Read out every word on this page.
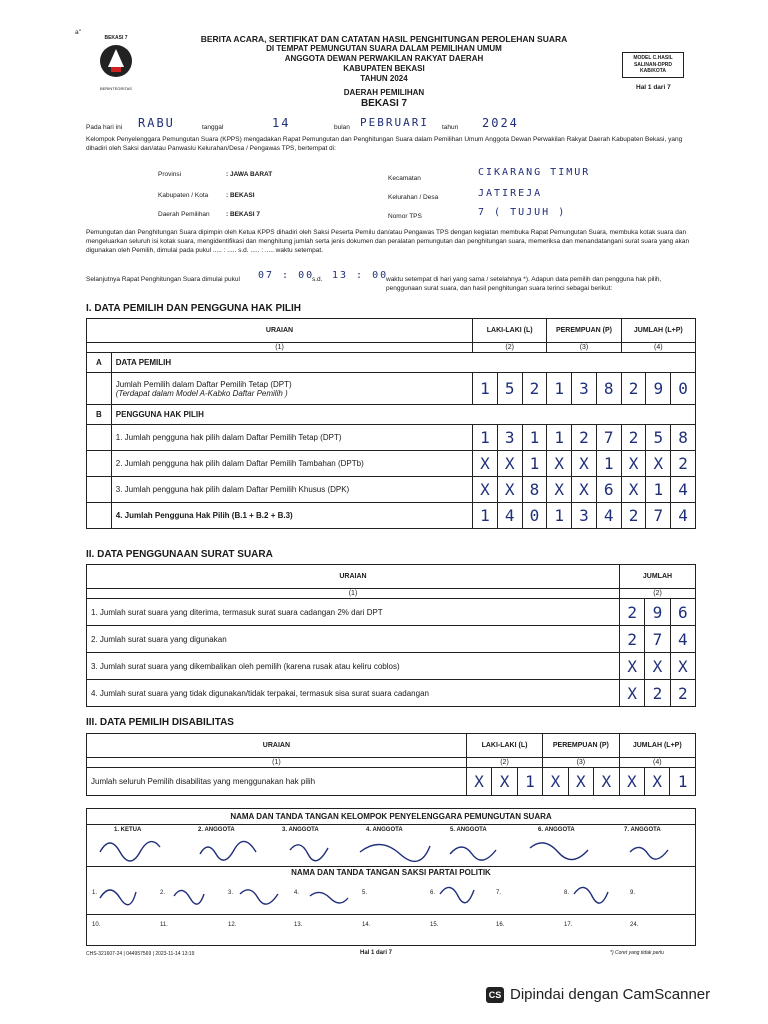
a''
BEKASI 7
BERINTEGRITAS
BERITA ACARA, SERTIFIKAT DAN CATATAN HASIL PENGHITUNGAN PEROLEHAN SUARA
DI TEMPAT PEMUNGUTAN SUARA DALAM PEMILIHAN UMUM
ANGGOTA DEWAN PERWAKILAN RAKYAT DAERAH
KABUPATEN BEKASI
TAHUN 2024
DAERAH PEMILIHAN
BEKASI 7
MODEL C.HASIL
SALINAN-DPRD
KAB/KOTA
Hal 1 dari 7
Pada hari ini RABU	tanggal	14	bulan PEBRUARI tahun 2024
Kelompok Penyelenggara Pemungutan Suara (KPPS) mengadakan Rapat Pemungutan dan Penghitungan Suara dalam Pemilihan Umum Anggota Dewan Perwakilan Rakyat Daerah Kabupaten Bekasi, yang dihadiri oleh Saksi dan/atau Panwaslu Kelurahan/Desa / Pengawas TPS, bertempat di:
Provinsi	: JAWA BARAT
Kabupaten / Kota	: BEKASI
Daerah Pemilihan	: BEKASI 7
Kecamatan
CIKARANG TIMUR
Kelurahan / Desa	JATIREJA
Nomor TPS	7 ( TUJUH )
Pemungutan dan Penghitungan Suara dipimpin oleh Ketua KPPS dihadiri oleh Saksi Peserta Pemilu dan/atau Pengawas TPS dengan kegiatan membuka Rapat Pemungutan Suara, membuka kotak suara dan mengeluarkan seluruh isi kotak suara, mengidentifikasi dan menghitung jumlah serta jenis dokumen dan peralatan pemungutan dan penghitungan suara, memeriksa dan menandatangani surat suara yang akan digunakan oleh Pemilih, dimulai pada pukul ..... : ..... s.d. ..... : ..... waktu setempat.
Selanjutnya Rapat Penghitungan Suara dimulai pukul 07 : 00
s.d. 13 : 00
waktu setempat di hari yang sama / setelahnya *). Adapun data pemilih dan pengguna hak pilih, penggunaan surat suara, dan hasil penghitungan suara terinci sebagai berikut:
I. DATA PEMILIH DAN PENGGUNA HAK PILIH
URAIAN		LAKI-LAKI (L)			PEREMPUAN (P)			JUMLAH (L+P)		
(1)		(2)			(3)			(4)		
A	DATA PEMILIH									

	Jumlah Pemilih dalam Daftar Pemilih Tetap (DPT)
(Terdapat dalam Model A-Kabko Daftar Pemilih )	1	5	2	1	3	8	2	9	0
B	PENGGUNA HAK PILIH									
	1. Jumlah pengguna hak pilih dalam Daftar Pemilih Tetap (DPT)	1	3	1	1	2	7	2	5	8
	2. Jumlah pengguna hak pilih dalam Daftar Pemilih Tambahan (DPTb)	X	X	1	X	X	1	X	X	2
	3. Jumlah pengguna hak pilih dalam Daftar Pemilih Khusus (DPK)	X	X	8	X	X	6	X	1	4
	4. Jumlah Pengguna Hak Pilih (B.1 + B.2 + B.3)	1	4	0	1	3	4	2	7	4
II. DATA PENGGUNAAN SURAT SUARA
URAIAN	JUMLAH		
(1)	(2)		
1. Jumlah surat suara yang diterima, termasuk surat suara cadangan 2% dari DPT	2	9	6
2. Jumlah surat suara yang digunakan	2	7	4
3. Jumlah surat suara yang dikembalikan oleh pemilih (karena rusak atau keliru coblos)	X	X	X
4. Jumlah surat suara yang tidak digunakan/tidak terpakai, termasuk sisa surat suara cadangan	X	2	2
III. DATA PEMILIH DISABILITAS
URAIAN	LAKI-LAKI (L)			PEREMPUAN (P)			JUMLAH (L+P)		
(1)	(2)			(3)			(4)		
Jumlah seluruh Pemilih disabilitas yang menggunakan hak pilih	X	X	1	X	X	X	X	X	1
NAMA DAN TANDA TANGAN KELOMPOK PENYELENGGARA PEMUNGUTAN SUARA
1. KETUA	2. ANGGOTA	3. ANGGOTA	4. ANGGOTA	5. ANGGOTA	6. ANGGOTA	7. ANGGOTA
NAMA DAN TANDA TANGAN SAKSI PARTAI POLITIK
1.	2.	3.	4.	5.	6.	7.	8.	9.
10.	11.	12.	13.	14.	15.	16.	17.	24.
CHS-321607-24 | 044957569 | 2023-11-14 13:19	Hal 1 dari 7	*) Coret yang tidak perlu
CS Dipindai dengan CamScanner
